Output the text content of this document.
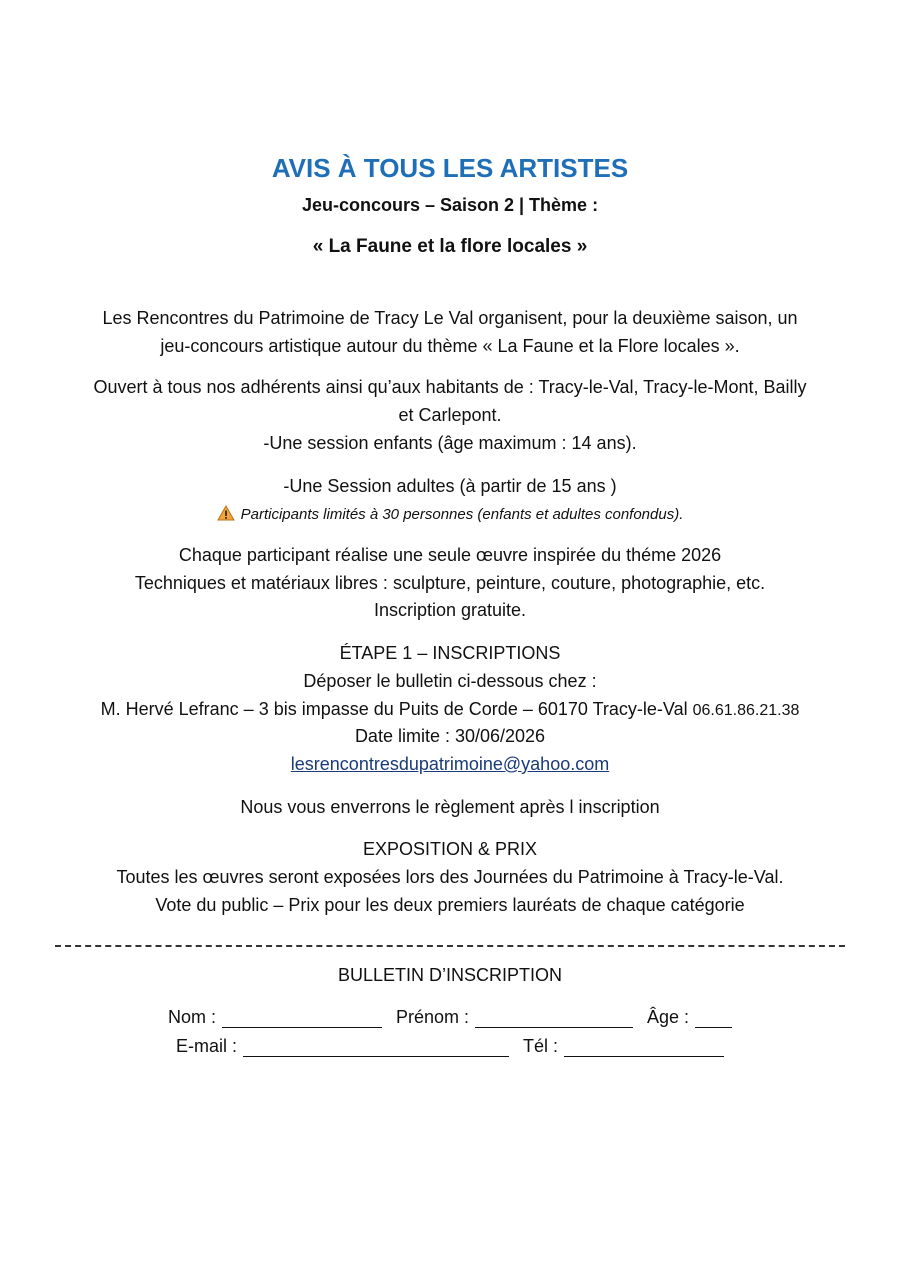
AVIS À TOUS LES ARTISTES
Jeu-concours – Saison 2 | Thème :
« La Faune et la flore locales »
Les Rencontres du Patrimoine de Tracy Le Val organisent, pour la deuxième saison, un
jeu-concours artistique autour du thème « La Faune et la Flore locales ».
Ouvert à tous nos adhérents ainsi qu’aux habitants de : Tracy-le-Val, Tracy-le-Mont, Bailly
et Carlepont.
-Une session enfants (âge maximum : 14 ans).
-Une Session adultes (à partir de 15 ans )
Participants limités à 30 personnes (enfants et adultes confondus).
Chaque participant réalise une seule œuvre inspirée du théme 2026
Techniques et matériaux libres : sculpture, peinture, couture, photographie, etc.
Inscription gratuite.
ÉTAPE 1 – INSCRIPTIONS
Déposer le bulletin ci-dessous chez :
M. Hervé Lefranc – 3 bis impasse du Puits de Corde – 60170 Tracy-le-Val 06.61.86.21.38
Date limite : 30/06/2026
lesrencontresdupatrimoine@yahoo.com
Nous vous enverrons le règlement après l inscription
EXPOSITION & PRIX
Toutes les œuvres seront exposées lors des Journées du Patrimoine à Tracy-le-Val.
Vote du public – Prix pour les deux premiers lauréats de chaque catégorie
BULLETIN D’INSCRIPTION
Nom :	Prénom :	Âge :
E-mail :	Tél :
